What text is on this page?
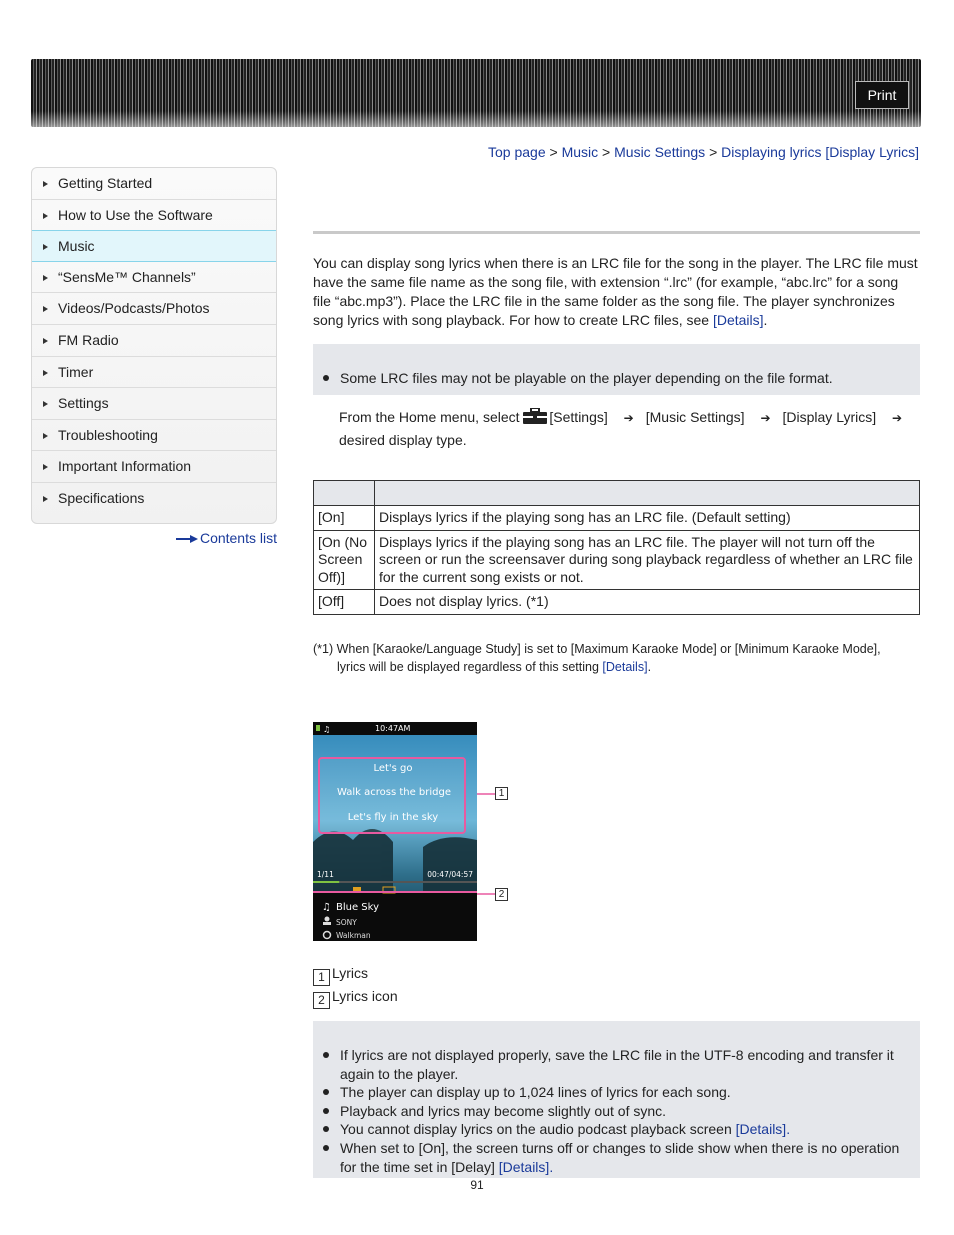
Print
Top page > Music > Music Settings > Displaying lyrics [Display Lyrics]
Getting Started
How to Use the Software
Music
“SensMe™ Channels”
Videos/Podcasts/Photos
FM Radio
Timer
Settings
Troubleshooting
Important Information
Specifications
Contents list
You can display song lyrics when there is an LRC file for the song in the player. The LRC file must have the same file name as the song file, with extension “.lrc” (for example, “abc.lrc” for a song file “abc.mp3”). Place the LRC file in the same folder as the song file. The player synchronizes song lyrics with song playback. For how to create LRC files, see [Details].
Some LRC files may not be playable on the player depending on the file format.
From the Home menu, select [Settings] ➔ [Music Settings] ➔ [Display Lyrics] ➔
desired display type.

[On]	Displays lyrics if the playing song has an LRC file. (Default setting)
[On (No Screen Off)]	Displays lyrics if the playing song has an LRC file. The player will not turn off the screen or run the screensaver during song playback regardless of whether an LRC file for the current song exists or not.
[Off]	Does not display lyrics. (*1)
(*1) When [Karaoke/Language Study] is set to [Maximum Karaoke Mode] or [Minimum Karaoke Mode],
lyrics will be displayed regardless of this setting [Details].
♫	10:47AM
Let's go
Walk across the bridge
Let's fly in the sky
1/11	00:47/04:57
♫ Blue Sky
SONY
Walkman
1
2
1 Lyrics
2 Lyrics icon
If lyrics are not displayed properly, save the LRC file in the UTF-8 encoding and transfer it again to the player.
The player can display up to 1,024 lines of lyrics for each song.
Playback and lyrics may become slightly out of sync.
You cannot display lyrics on the audio podcast playback screen [Details].
When set to [On], the screen turns off or changes to slide show when there is no operation for the time set in [Delay] [Details].
91
